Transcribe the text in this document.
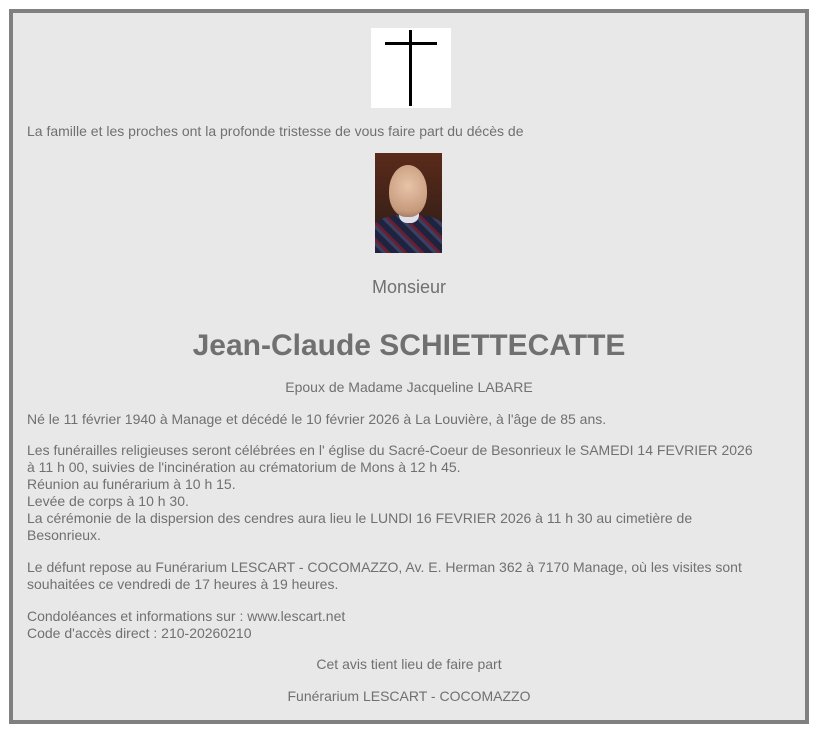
La famille et les proches ont la profonde tristesse de vous faire part du décès de
Monsieur
Jean-Claude SCHIETTECATTE
Epoux de Madame Jacqueline LABARE
Né le 11 février 1940 à Manage et décédé le 10 février 2026 à La Louvière, à l'âge de 85 ans.
Les funérailles religieuses seront célébrées en l' église du Sacré-Coeur de Besonrieux le SAMEDI 14 FEVRIER 2026
à 11 h 00, suivies de l'incinération au crématorium de Mons à 12 h 45.
Réunion au funérarium à 10 h 15.
Levée de corps à 10 h 30.
La cérémonie de la dispersion des cendres aura lieu le LUNDI 16 FEVRIER 2026 à 11 h 30 au cimetière de
Besonrieux.
Le défunt repose au Funérarium LESCART - COCOMAZZO, Av. E. Herman 362 à 7170 Manage, où les visites sont
souhaitées ce vendredi de 17 heures à 19 heures.
Condoléances et informations sur : www.lescart.net
Code d'accès direct : 210-20260210
Cet avis tient lieu de faire part
Funérarium LESCART - COCOMAZZO
